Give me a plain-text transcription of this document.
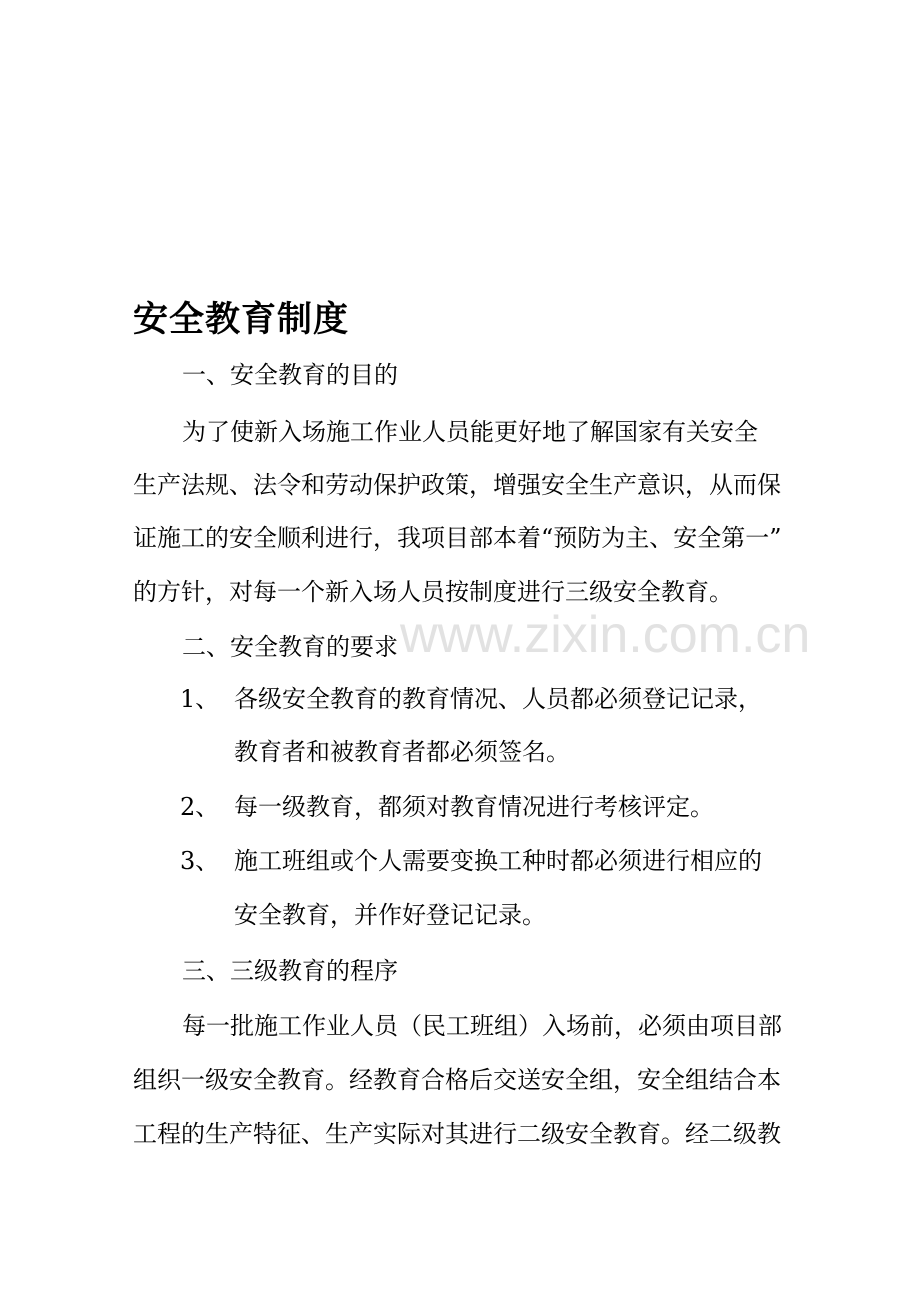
www.zixin.com.cn
安全教育制度
一、安全教育的目的
为了使新入场施工作业人员能更好地了解国家有关安全
生产法规、法令和劳动保护政策，增强安全生产意识，从而保
证施工的安全顺利进行，我项目部本着“预防为主、安全第一”
的方针，对每一个新入场人员按制度进行三级安全教育。
二、安全教育的要求
1、 各级安全教育的教育情况、人员都必须登记记录，
教育者和被教育者都必须签名。
2、 每一级教育，都须对教育情况进行考核评定。
3、 施工班组或个人需要变换工种时都必须进行相应的
安全教育，并作好登记记录。
三、三级教育的程序
每一批施工作业人员（民工班组）入场前，必须由项目部
组织一级安全教育。经教育合格后交送安全组，安全组结合本
工程的生产特征、生产实际对其进行二级安全教育。经二级教
